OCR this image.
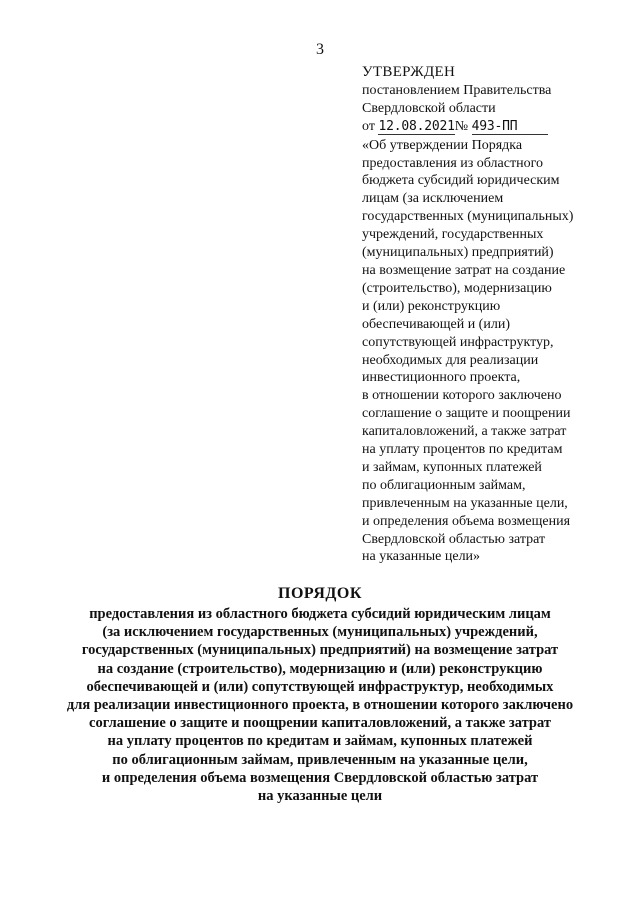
3
УТВЕРЖДЕН
постановлением Правительства
Свердловской области
от 12.08.2021№ 493-ПП
«Об утверждении Порядка
предоставления из областного
бюджета субсидий юридическим
лицам (за исключением
государственных (муниципальных)
учреждений, государственных
(муниципальных) предприятий)
на возмещение затрат на создание
(строительство), модернизацию
и (или) реконструкцию
обеспечивающей и (или)
сопутствующей инфраструктур,
необходимых для реализации
инвестиционного проекта,
в отношении которого заключено
соглашение о защите и поощрении
капиталовложений, а также затрат
на уплату процентов по кредитам
и займам, купонных платежей
по облигационным займам,
привлеченным на указанные цели,
и определения объема возмещения
Свердловской областью затрат
на указанные цели»
ПОРЯДОК
предоставления из областного бюджета субсидий юридическим лицам
(за исключением государственных (муниципальных) учреждений,
государственных (муниципальных) предприятий) на возмещение затрат
на создание (строительство), модернизацию и (или) реконструкцию
обеспечивающей и (или) сопутствующей инфраструктур, необходимых
для реализации инвестиционного проекта, в отношении которого заключено
соглашение о защите и поощрении капиталовложений, а также затрат
на уплату процентов по кредитам и займам, купонных платежей
по облигационным займам, привлеченным на указанные цели,
и определения объема возмещения Свердловской областью затрат
на указанные цели
